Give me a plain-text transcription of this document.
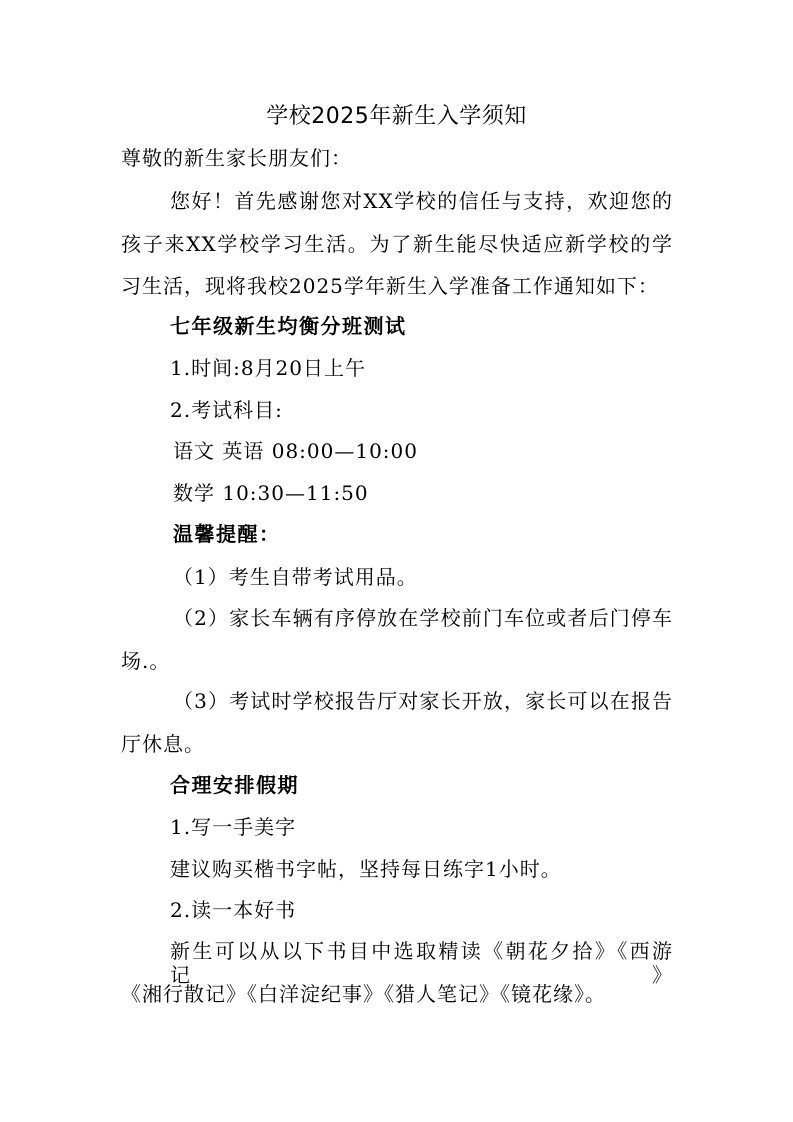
学校2025年新生入学须知
尊敬的新生家长朋友们：
您好！首先感谢您对XX学校的信任与支持，欢迎您的
孩子来XX学校学习生活。为了新生能尽快适应新学校的学
习生活，现将我校2025学年新生入学准备工作通知如下：
七年级新生均衡分班测试
1.时间:8月20日上午
2.考试科目:
语文 英语 08:00—10:00
数学 10:30—11:50
温馨提醒：
（1）考生自带考试用品。
（2）家长车辆有序停放在学校前门车位或者后门停车
场.。
（3）考试时学校报告厅对家长开放，家长可以在报告
厅休息。
合理安排假期
1.写一手美字
建议购买楷书字帖，坚持每日练字1小时。
2.读一本好书
新生可以从以下书目中选取精读《朝花夕拾》《西游记》
《湘行散记》《白洋淀纪事》《猎人笔记》《镜花缘》。
